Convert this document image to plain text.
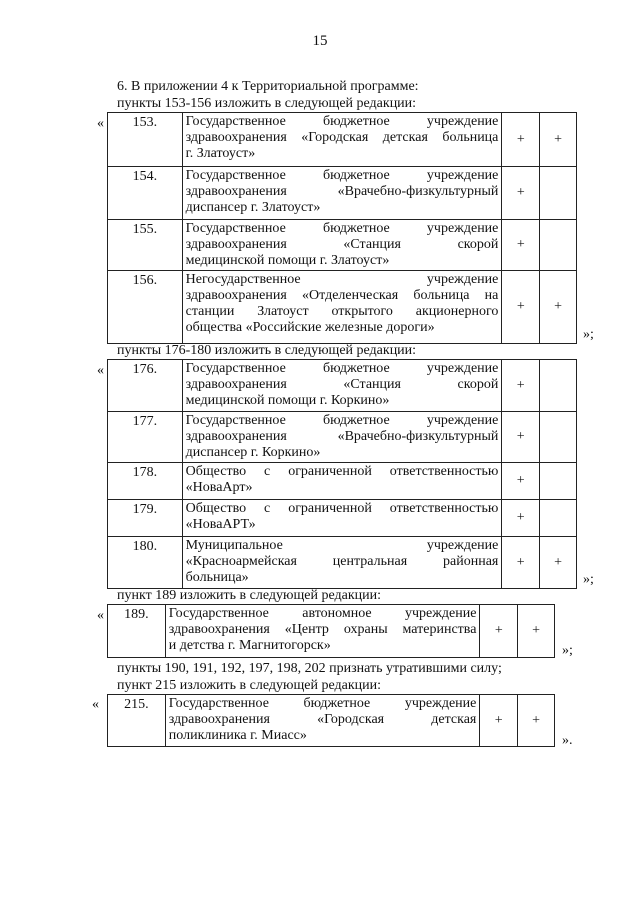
15
6. В приложении 4 к Территориальной программе:
пункты 153-156 изложить в следующей редакции:
« 153.	Государственное бюджетное учреждение
здравоохранения «Городская детская больница
г. Златоуст»	+	+
154.	Государственное бюджетное учреждение
здравоохранения «Врачебно-физкультурный
диспансер г. Златоуст»	+	
155.	Государственное бюджетное учреждение
здравоохранения «Станция скорой
медицинской помощи г. Златоуст»	+	
156.	Негосударственное учреждение
здравоохранения «Отделенческая больница на
станции Златоуст открытого акционерного
общества «Российские железные дороги»	+	+
»;
пункты 176-180 изложить в следующей редакции:
« 176.	Государственное бюджетное учреждение
здравоохранения «Станция скорой
медицинской помощи г. Коркино»	+	
177.	Государственное бюджетное учреждение
здравоохранения «Врачебно-физкультурный
диспансер г. Коркино»	+	
178.	Общество с ограниченной ответственностью
«НоваАрт»	+	
179.	Общество с ограниченной ответственностью
«НоваАРТ»	+	
180.	Муниципальное учреждение
«Красноармейская центральная районная
больница»	+	+
»;
пункт 189 изложить в следующей редакции:
« 189.	Государственное автономное учреждение
здравоохранения «Центр охраны материнства
и детства г. Магнитогорск»
	+	+
»;
пункты 190, 191, 192, 197, 198, 202 признать утратившими силу;
пункт 215 изложить в следующей редакции:
« 215.	Государственное бюджетное учреждение
здравоохранения «Городская детская
поликлиника г. Миасс»
	+	+
».
